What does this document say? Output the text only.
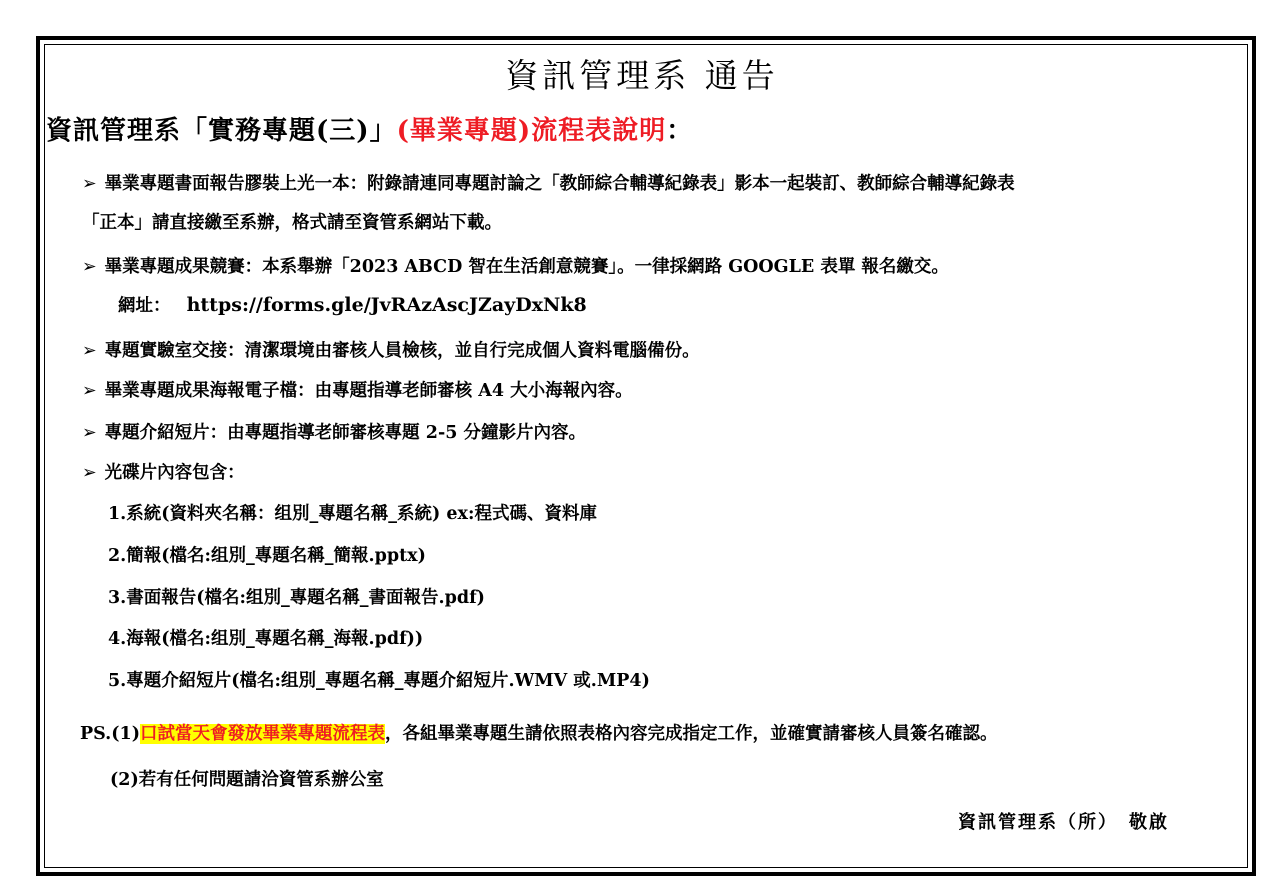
資訊管理系 通告
資訊管理系「實務專題(三)」(畢業專題)流程表說明：
➢ 畢業專題書面報告膠裝上光一本：附錄請連同專題討論之「教師綜合輔導紀錄表」影本一起裝訂、教師綜合輔導紀錄表
「正本」請直接繳至系辦，格式請至資管系網站下載。
➢ 畢業專題成果競賽：本系舉辦「2023 ABCD 智在生活創意競賽」。一律採網路 GOOGLE 表單 報名繳交。
網址： https://forms.gle/JvRAzAscJZayDxNk8
➢ 專題實驗室交接：清潔環境由審核人員檢核，並自行完成個人資料電腦備份。
➢ 畢業專題成果海報電子檔：由專題指導老師審核 A4 大小海報內容。
➢ 專題介紹短片：由專題指導老師審核專題 2-5 分鐘影片內容。
➢ 光碟片內容包含：
1.系統(資料夾名稱：组別_專題名稱_系統) ex:程式碼、資料庫
2.簡報(檔名:组別_專題名稱_簡報.pptx)
3.書面報告(檔名:组別_專題名稱_書面報告.pdf)
4.海報(檔名:组別_專題名稱_海報.pdf))
5.專題介紹短片(檔名:组別_專題名稱_專題介紹短片.WMV 或.MP4)
PS.(1)口試當天會發放畢業專題流程表，各組畢業專題生請依照表格內容完成指定工作，並確實請審核人員簽名確認。
(2)若有任何問題請洽資管系辦公室
資訊管理系（所）　敬啟
